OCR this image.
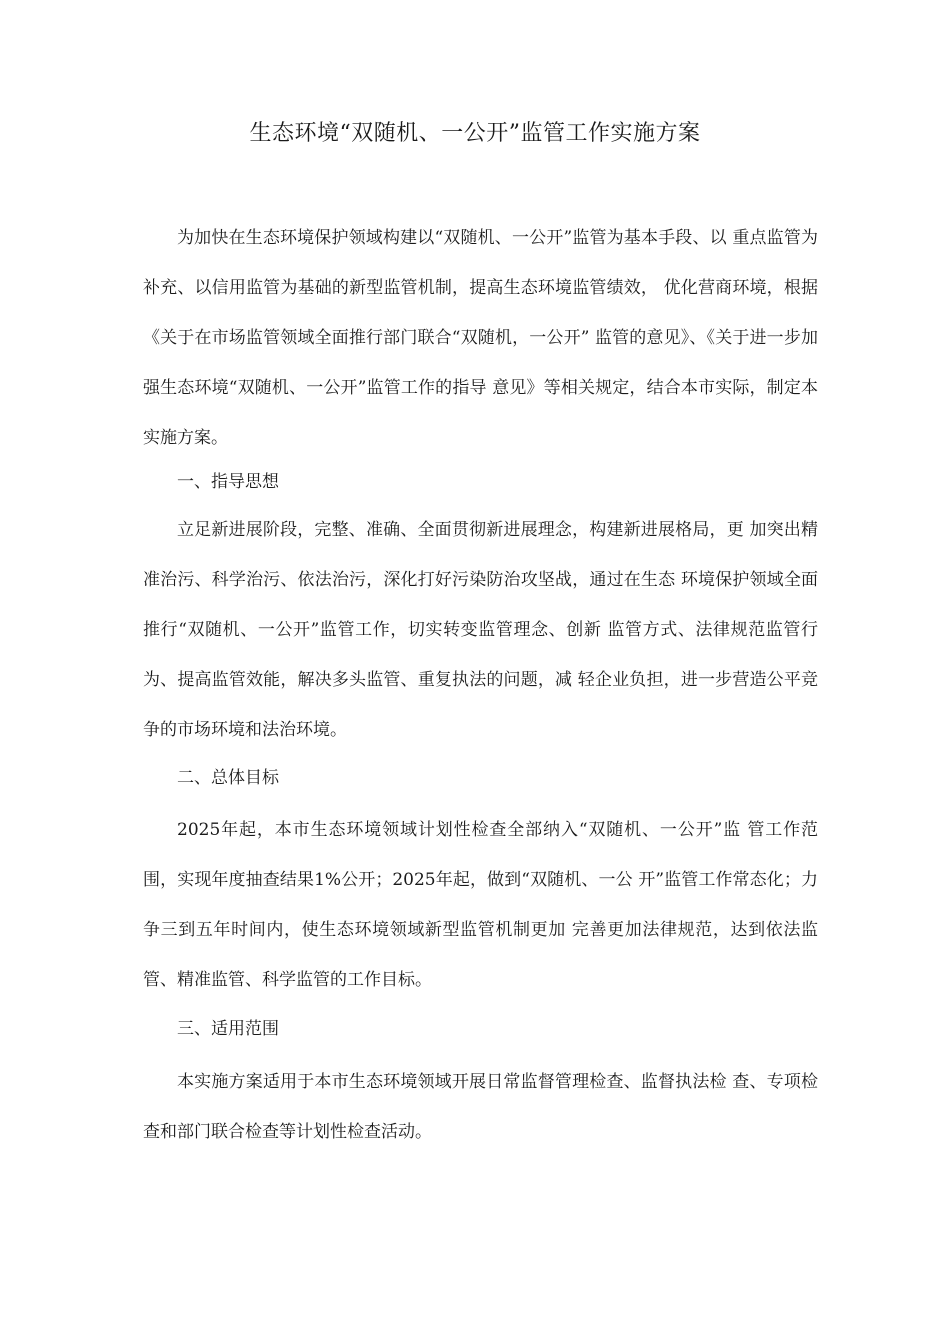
生态环境“双随机、一公开”监管工作实施方案

为加快在生态环境保护领域构建以“双随机、一公开”监管为基本手段、以 重点监管为补充、以信用监管为基础的新型监管机制，提高生态环境监管绩效， 优化营商环境，根据《关于在市场监管领域全面推行部门联合“双随机，一公开” 监管的意见》、《关于进一步加强生态环境“双随机、一公开”监管工作的指导 意见》等相关规定，结合本市实际，制定本实施方案。

一、指导思想

立足新进展阶段，完整、准确、全面贯彻新进展理念，构建新进展格局，更 加突出精准治污、科学治污、依法治污，深化打好污染防治攻坚战，通过在生态 环境保护领域全面推行“双随机、一公开”监管工作，切实转变监管理念、创新 监管方式、法律规范监管行为、提高监管效能，解决多头监管、重复执法的问题，减 轻企业负担，进一步营造公平竞争的市场环境和法治环境。

二、总体目标

2025年起，本市生态环境领域计划性检查全部纳入“双随机、一公开”监 管工作范围，实现年度抽查结果1%公开；2025年起，做到“双随机、一公 开”监管工作常态化；力争三到五年时间内，使生态环境领域新型监管机制更加 完善更加法律规范，达到依法监管、精准监管、科学监管的工作目标。

三、适用范围

本实施方案适用于本市生态环境领域开展日常监督管理检查、监督执法检 查、专项检查和部门联合检查等计划性检查活动。
